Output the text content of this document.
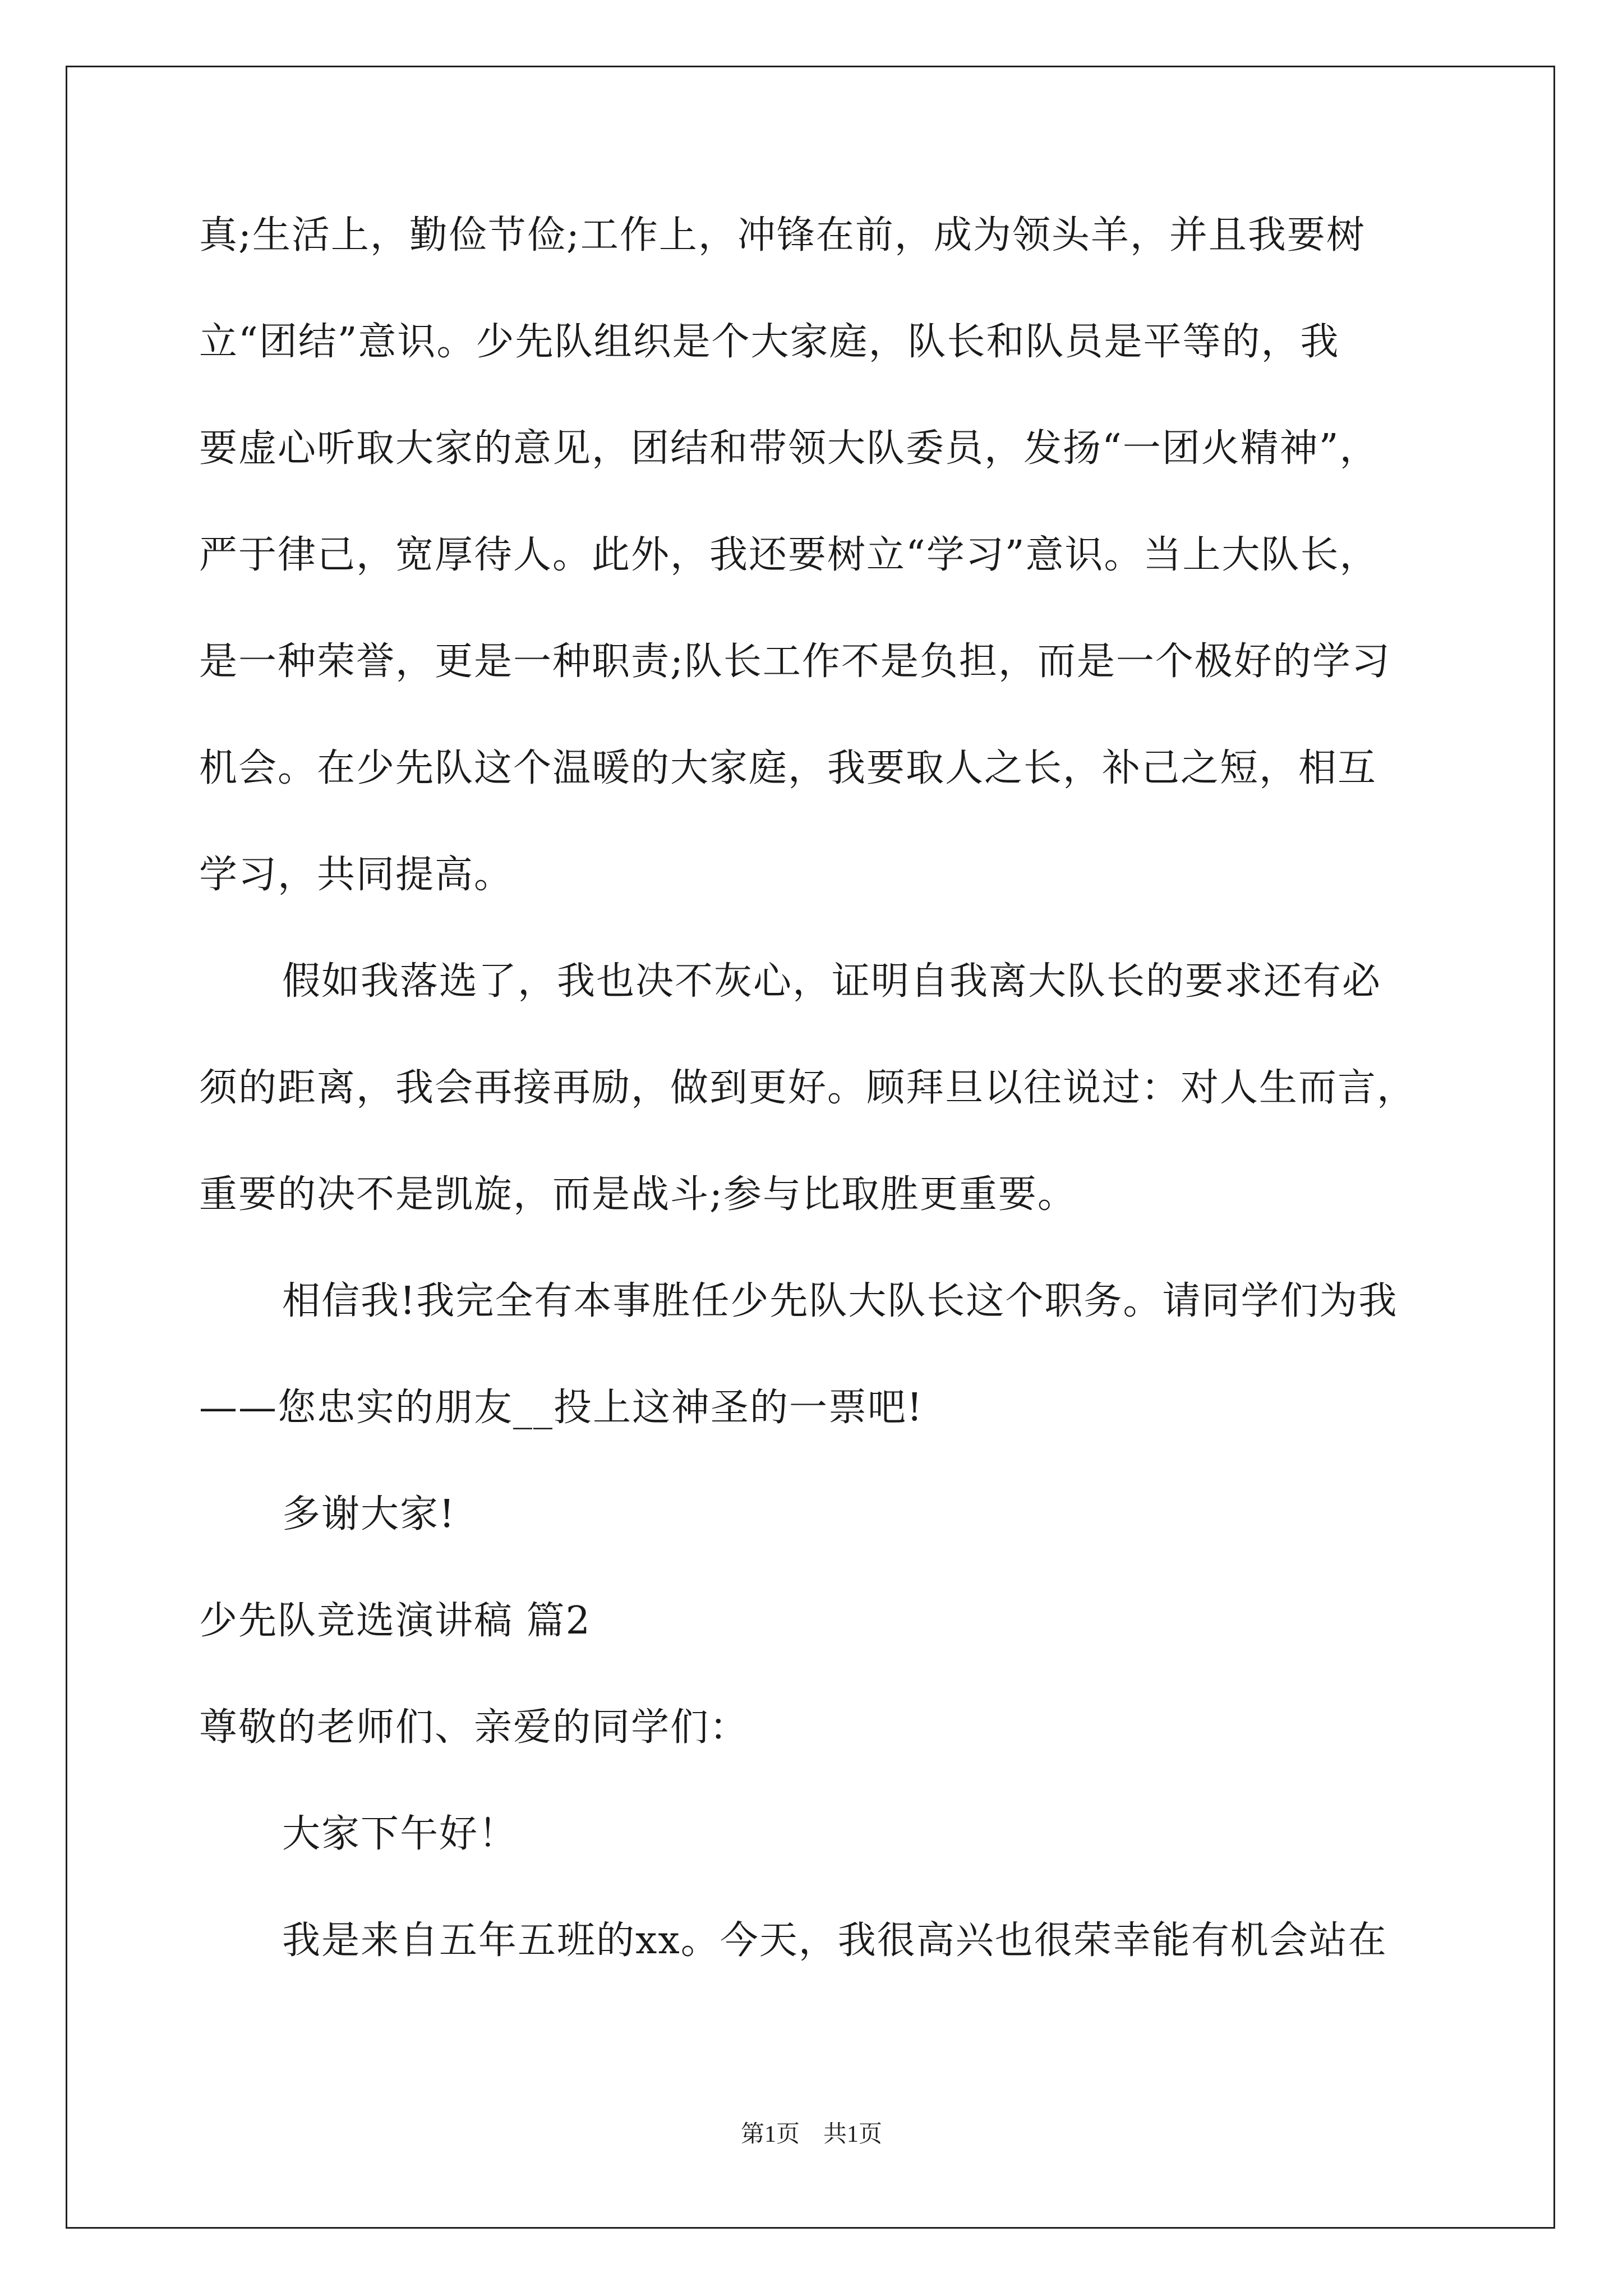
真;生活上，勤俭节俭;工作上，冲锋在前，成为领头羊，并且我要树
立“团结”意识。少先队组织是个大家庭，队长和队员是平等的，我
要虚心听取大家的意见，团结和带领大队委员，发扬“一团火精神”，
严于律己，宽厚待人。此外，我还要树立“学习”意识。当上大队长，
是一种荣誉，更是一种职责;队长工作不是负担，而是一个极好的学习
机会。在少先队这个温暖的大家庭，我要取人之长，补己之短，相互
学习，共同提高。
假如我落选了，我也决不灰心，证明自我离大队长的要求还有必
须的距离，我会再接再励，做到更好。顾拜旦以往说过：对人生而言，
重要的决不是凯旋，而是战斗;参与比取胜更重要。
相信我!我完全有本事胜任少先队大队长这个职务。请同学们为我
——您忠实的朋友__投上这神圣的一票吧!
多谢大家!
少先队竞选演讲稿 篇2
尊敬的老师们、亲爱的同学们：
大家下午好！
我是来自五年五班的xx。今天，我很高兴也很荣幸能有机会站在
第1页　共1页
